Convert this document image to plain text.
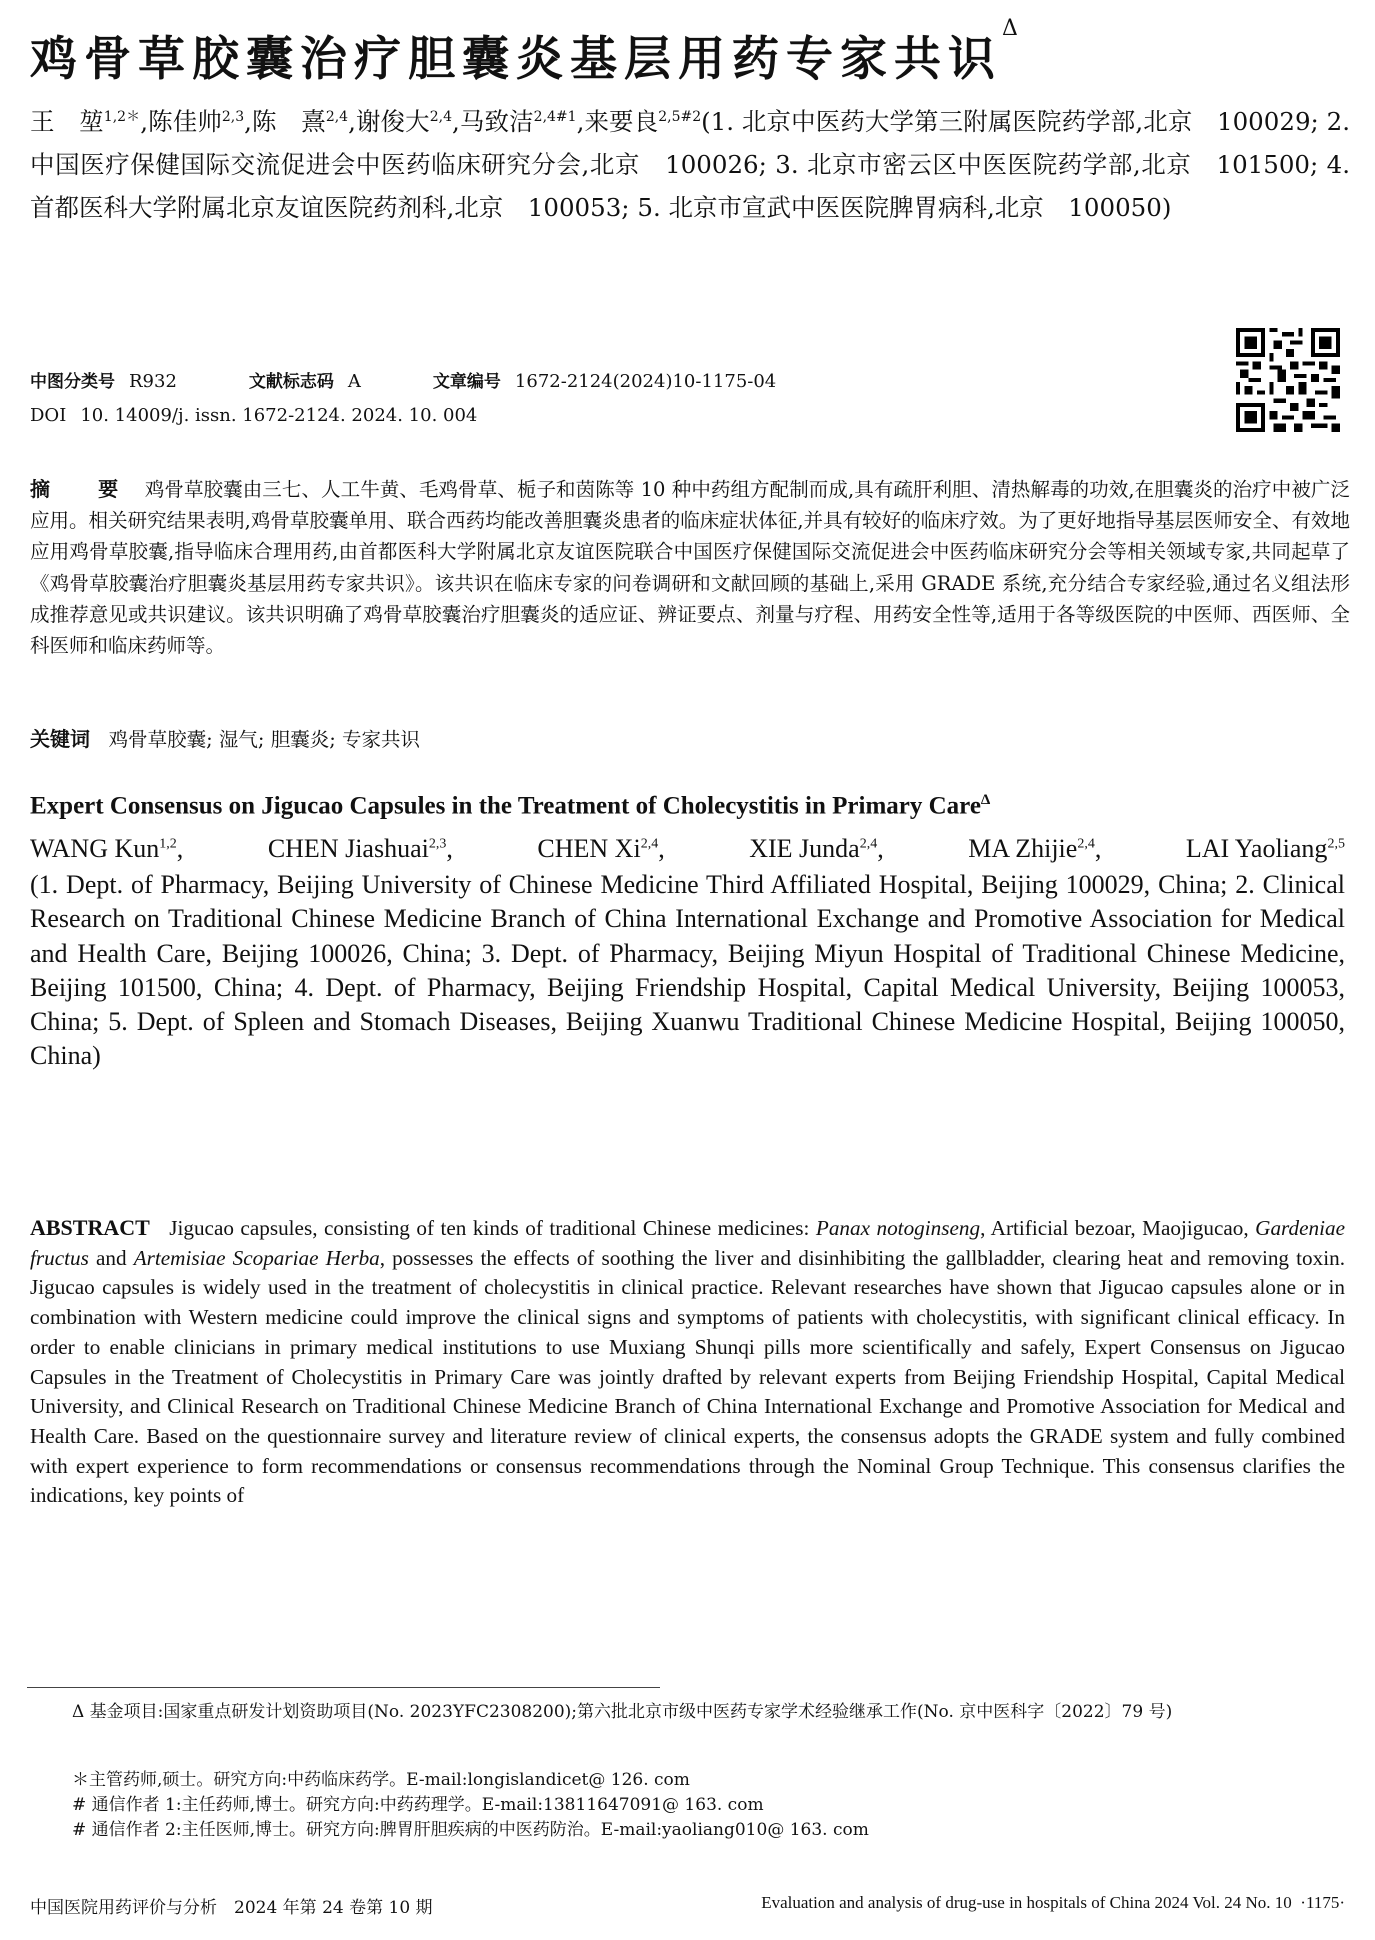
鸡骨草胶囊治疗胆囊炎基层用药专家共识$^\Delta$
王　堃$^{1,2*}$,陈佳帅$^{2,3}$,陈　熹$^{2,4}$,谢俊大$^{2,4}$,马致洁$^{2,4\#1}$,来要良$^{2,5\#2}$(1. 北京中医药大学第三附属医院药学部,北京　100029; 2. 中国医疗保健国际交流促进会中医药临床研究分会,北京　100026; 3. 北京市密云区中医医院药学部,北京　101500; 4. 首都医科大学附属北京友谊医院药剂科,北京　100053; 5. 北京市宣武中医医院脾胃病科,北京　100050)
中图分类号 R932	文献标志码 A	文章编号 1672-2124(2024)10-1175-04
DOI 10. 14009/j. issn. 1672-2124. 2024. 10. 004
摘　要 鸡骨草胶囊由三七、人工牛黄、毛鸡骨草、栀子和茵陈等 10 种中药组方配制而成,具有疏肝利胆、清热解毒的功效,在胆囊炎的治疗中被广泛应用。相关研究结果表明,鸡骨草胶囊单用、联合西药均能改善胆囊炎患者的临床症状体征,并具有较好的临床疗效。为了更好地指导基层医师安全、有效地应用鸡骨草胶囊,指导临床合理用药,由首都医科大学附属北京友谊医院联合中国医疗保健国际交流促进会中医药临床研究分会等相关领域专家,共同起草了《鸡骨草胶囊治疗胆囊炎基层用药专家共识》。该共识在临床专家的问卷调研和文献回顾的基础上,采用 GRADE 系统,充分结合专家经验,通过名义组法形成推荐意见或共识建议。该共识明确了鸡骨草胶囊治疗胆囊炎的适应证、辨证要点、剂量与疗程、用药安全性等,适用于各等级医院的中医师、西医师、全科医师和临床药师等。
关键词 鸡骨草胶囊; 湿气; 胆囊炎; 专家共识
Expert Consensus on Jigucao Capsules in the Treatment of Cholecystitis in Primary Care$^\Delta$
WANG Kun$^{1,2}$,	CHEN Jiashuai$^{2,3}$,	CHEN Xi$^{2,4}$,	XIE Junda$^{2,4}$,	MA Zhijie$^{2,4}$,	LAI Yaoliang$^{2,5}$
(1. Dept. of Pharmacy, Beijing University of Chinese Medicine Third Affiliated Hospital, Beijing 100029, China; 2. Clinical Research on Traditional Chinese Medicine Branch of China International Exchange and Promotive Association for Medical and Health Care, Beijing 100026, China; 3. Dept. of Pharmacy, Beijing Miyun Hospital of Traditional Chinese Medicine, Beijing 101500, China; 4. Dept. of Pharmacy, Beijing Friendship Hospital, Capital Medical University, Beijing 100053, China; 5. Dept. of Spleen and Stomach Diseases, Beijing Xuanwu Traditional Chinese Medicine Hospital, Beijing 100050, China)
ABSTRACT Jigucao capsules, consisting of ten kinds of traditional Chinese medicines: Panax notoginseng, Artificial bezoar, Maojigucao, Gardeniae fructus and Artemisiae Scopariae Herba, possesses the effects of soothing the liver and disinhibiting the gallbladder, clearing heat and removing toxin. Jigucao capsules is widely used in the treatment of cholecystitis in clinical practice. Relevant researches have shown that Jigucao capsules alone or in combination with Western medicine could improve the clinical signs and symptoms of patients with cholecystitis, with significant clinical efficacy. In order to enable clinicians in primary medical institutions to use Muxiang Shunqi pills more scientifically and safely, Expert Consensus on Jigucao Capsules in the Treatment of Cholecystitis in Primary Care was jointly drafted by relevant experts from Beijing Friendship Hospital, Capital Medical University, and Clinical Research on Traditional Chinese Medicine Branch of China International Exchange and Promotive Association for Medical and Health Care. Based on the questionnaire survey and literature review of clinical experts, the consensus adopts the GRADE system and fully combined with expert experience to form recommendations or consensus recommendations through the Nominal Group Technique. This consensus clarifies the indications, key points of
Δ 基金项目:国家重点研发计划资助项目(No. 2023YFC2308200);第六批北京市级中医药专家学术经验继承工作(No. 京中医科字〔2022〕79 号)
＊主管药师,硕士。研究方向:中药临床药学。E-mail:longislandicet@ 126. com
# 通信作者 1:主任药师,博士。研究方向:中药药理学。E-mail:13811647091@ 163. com
# 通信作者 2:主任医师,博士。研究方向:脾胃肝胆疾病的中医药防治。E-mail:yaoliang010@ 163. com
中国医院用药评价与分析　2024 年第 24 卷第 10 期	Evaluation and analysis of drug-use in hospitals of China 2024 Vol. 24 No. 10 ·1175·
